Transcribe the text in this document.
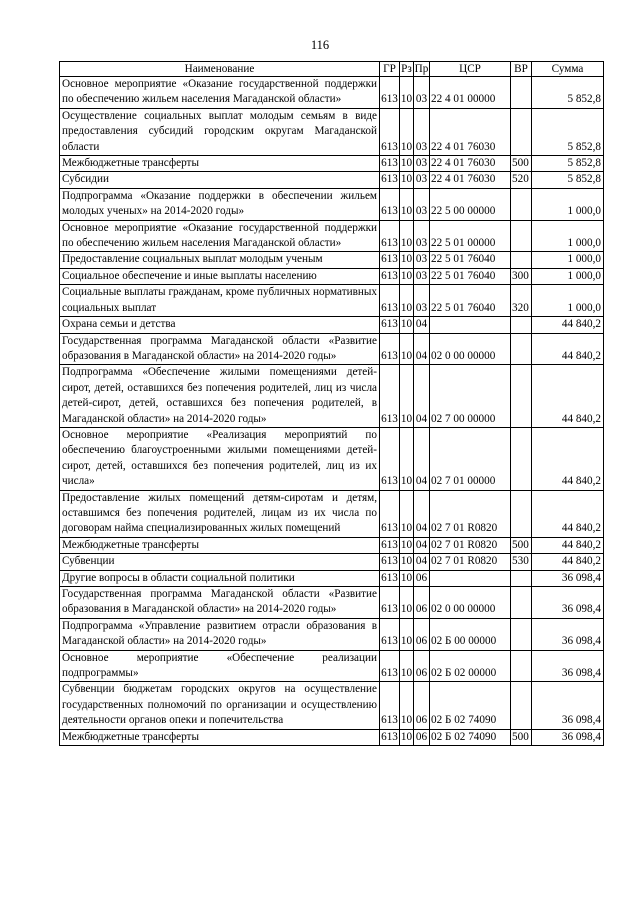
116
Наименование	ГР	Рз	Пр	ЦСР	ВР	Сумма
Основное мероприятие «Оказание государственной поддержки по обеспечению жильем населения Магаданской области»	613	10	03	22 4 01 00000		5 852,8
Осуществление социальных выплат молодым семьям в виде предоставления субсидий городским округам Магаданской области	613	10	03	22 4 01 76030		5 852,8
Межбюджетные трансферты	613	10	03	22 4 01 76030	500	5 852,8
Субсидии	613	10	03	22 4 01 76030	520	5 852,8
Подпрограмма «Оказание поддержки в обеспечении жильем молодых ученых» на 2014-2020 годы»	613	10	03	22 5 00 00000		1 000,0
Основное мероприятие «Оказание государственной поддержки по обеспечению жильем населения Магаданской области»	613	10	03	22 5 01 00000		1 000,0
Предоставление социальных выплат молодым ученым	613	10	03	22 5 01 76040		1 000,0
Социальное обеспечение и иные выплаты населению	613	10	03	22 5 01 76040	300	1 000,0
Социальные выплаты гражданам, кроме публичных нормативных социальных выплат	613	10	03	22 5 01 76040	320	1 000,0
Охрана семьи и детства	613	10	04			44 840,2
Государственная программа Магаданской области «Развитие образования в Магаданской области» на 2014-2020 годы»	613	10	04	02 0 00 00000		44 840,2
Подпрограмма «Обеспечение жилыми помещениями детей-сирот, детей, оставшихся без попечения родителей, лиц из числа детей-сирот, детей, оставшихся без попечения родителей, в Магаданской области» на 2014-2020 годы»	613	10	04	02 7 00 00000		44 840,2
Основное мероприятие «Реализация мероприятий по обеспечению благоустроенными жилыми помещениями детей-сирот, детей, оставшихся без попечения родителей, лиц из их числа»	613	10	04	02 7 01 00000		44 840,2
Предоставление жилых помещений детям-сиротам и детям, оставшимся без попечения родителей, лицам из их числа по договорам найма специализированных жилых помещений	613	10	04	02 7 01 R0820		44 840,2
Межбюджетные трансферты	613	10	04	02 7 01 R0820	500	44 840,2
Субвенции	613	10	04	02 7 01 R0820	530	44 840,2
Другие вопросы в области социальной политики	613	10	06			36 098,4
Государственная программа Магаданской области «Развитие образования в Магаданской области» на 2014-2020 годы»	613	10	06	02 0 00 00000		36 098,4
Подпрограмма «Управление развитием отрасли образования в Магаданской области» на 2014-2020 годы»	613	10	06	02 Б 00 00000		36 098,4
Основное мероприятие «Обеспечение реализации подпрограммы»	613	10	06	02 Б 02 00000		36 098,4
Субвенции бюджетам городских округов на осуществление государственных полномочий по организации и осуществлению деятельности органов опеки и попечительства	613	10	06	02 Б 02 74090		36 098,4
Межбюджетные трансферты	613	10	06	02 Б 02 74090	500	36 098,4
